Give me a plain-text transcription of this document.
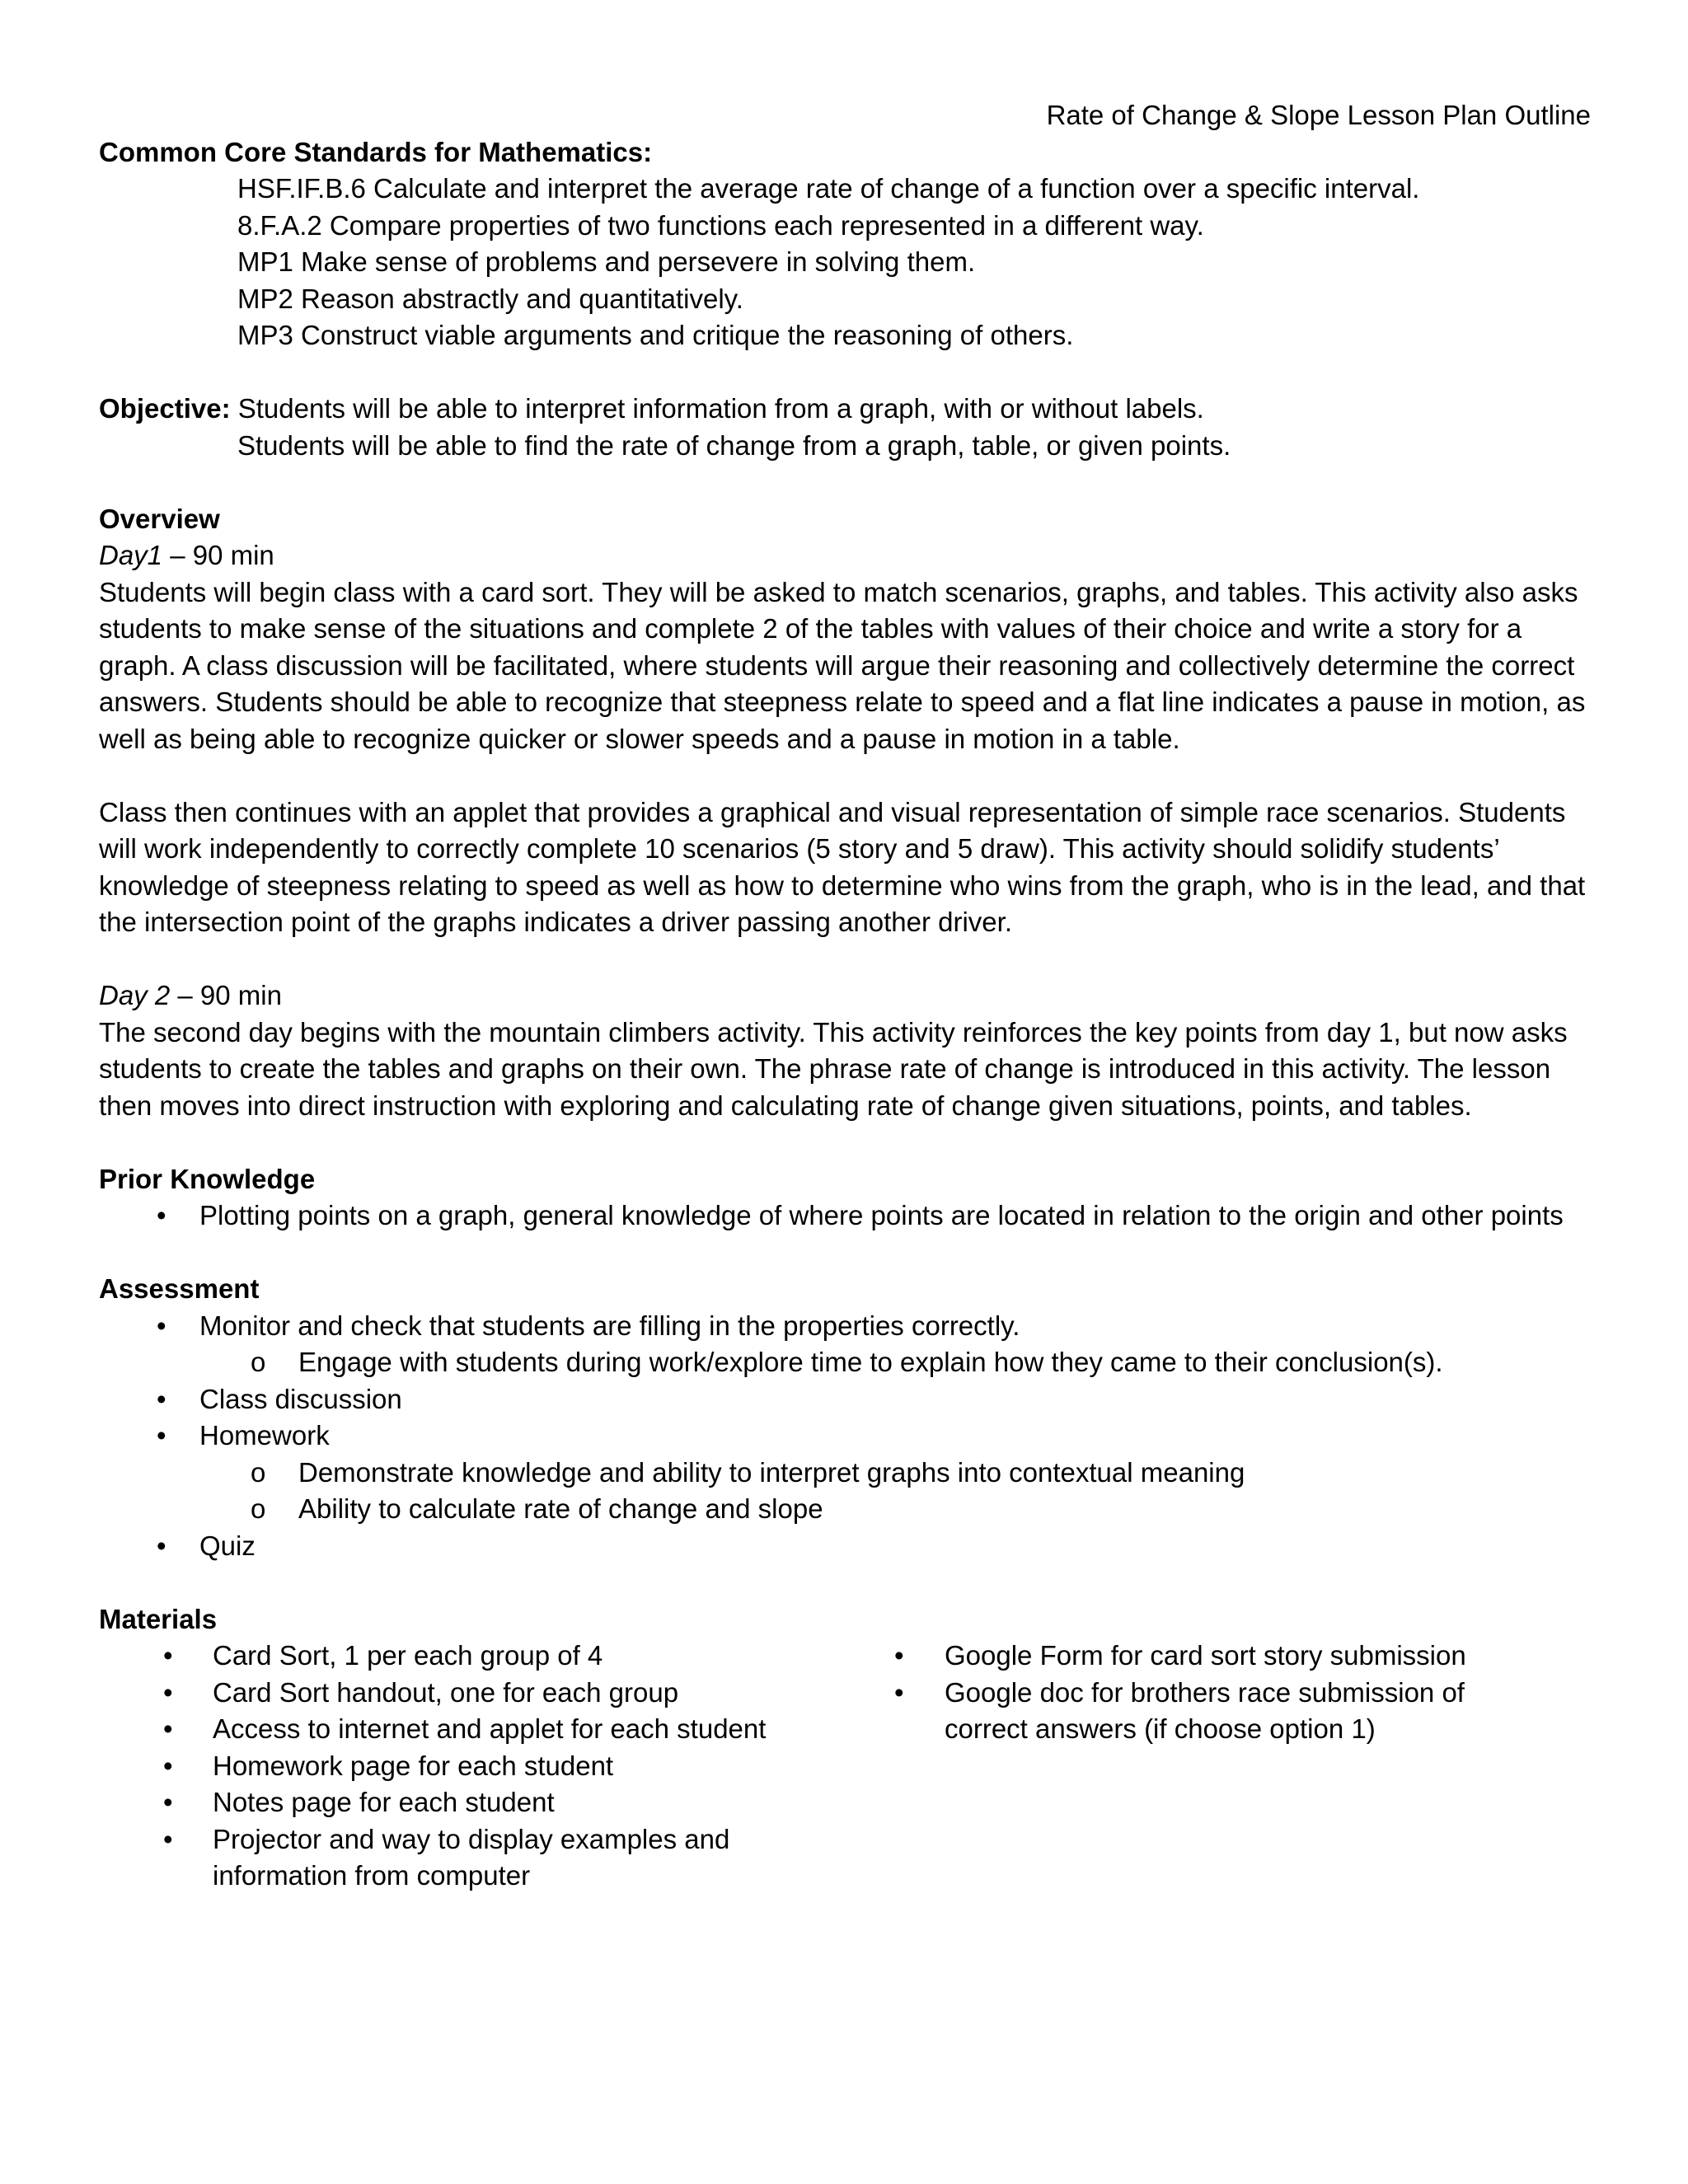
Rate of Change & Slope Lesson Plan Outline

Common Core Standards for Mathematics:

HSF.IF.B.6 Calculate and interpret the average rate of change of a function over a specific interval.

8.F.A.2 Compare properties of two functions each represented in a different way.

MP1 Make sense of problems and persevere in solving them.

MP2 Reason abstractly and quantitatively.

MP3 Construct viable arguments and critique the reasoning of others.

Objective: Students will be able to interpret information from a graph, with or without labels.

Students will be able to find the rate of change from a graph, table, or given points.

Overview

Day1 – 90 min

Students will begin class with a card sort. They will be asked to match scenarios, graphs, and tables. This activity also asks students to make sense of the situations and complete 2 of the tables with values of their choice and write a story for a graph. A class discussion will be facilitated, where students will argue their reasoning and collectively determine the correct answers. Students should be able to recognize that steepness relate to speed and a flat line indicates a pause in motion, as well as being able to recognize quicker or slower speeds and a pause in motion in a table.

Class then continues with an applet that provides a graphical and visual representation of simple race scenarios. Students will work independently to correctly complete 10 scenarios (5 story and 5 draw). This activity should solidify students’ knowledge of steepness relating to speed as well as how to determine who wins from the graph, who is in the lead, and that the intersection point of the graphs indicates a driver passing another driver.

Day 2 – 90 min

The second day begins with the mountain climbers activity. This activity reinforces the key points from day 1, but now asks students to create the tables and graphs on their own. The phrase rate of change is introduced in this activity. The lesson then moves into direct instruction with exploring and calculating rate of change given situations, points, and tables.

Prior Knowledge

• Plotting points on a graph, general knowledge of where points are located in relation to the origin and other points

Assessment

• Monitor and check that students are filling in the properties correctly.
o Engage with students during work/explore time to explain how they came to their conclusion(s).
• Class discussion
• Homework
o Demonstrate knowledge and ability to interpret graphs into contextual meaning
o Ability to calculate rate of change and slope
• Quiz

Materials

• Card Sort, 1 per each group of 4
• Card Sort handout, one for each group
• Access to internet and applet for each student
• Homework page for each student
• Notes page for each student
• Projector and way to display examples and information from computer
• Google Form for card sort story submission
• Google doc for brothers race submission of correct answers (if choose option 1)
